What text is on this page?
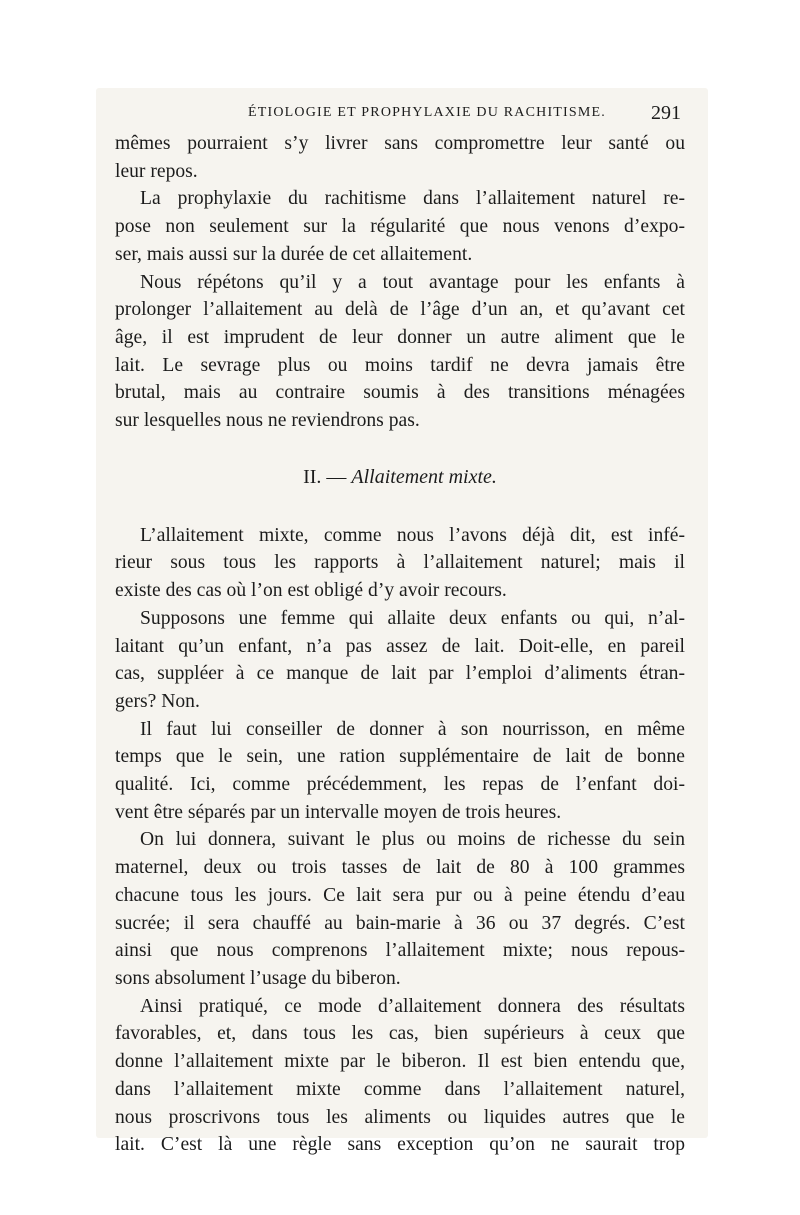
ÉTIOLOGIE ET PROPHYLAXIE DU RACHITISME.	291

mêmes pourraient s’y livrer sans compromettre leur santé ou
leur repos.

La prophylaxie du rachitisme dans l’allaitement naturel re-
pose non seulement sur la régularité que nous venons d’expo-
ser, mais aussi sur la durée de cet allaitement.

Nous répétons qu’il y a tout avantage pour les enfants à
prolonger l’allaitement au delà de l’âge d’un an, et qu’avant cet
âge, il est imprudent de leur donner un autre aliment que le
lait. Le sevrage plus ou moins tardif ne devra jamais être
brutal, mais au contraire soumis à des transitions ménagées
sur lesquelles nous ne reviendrons pas.

II. — Allaitement mixte.

L’allaitement mixte, comme nous l’avons déjà dit, est infé-
rieur sous tous les rapports à l’allaitement naturel; mais il
existe des cas où l’on est obligé d’y avoir recours.

Supposons une femme qui allaite deux enfants ou qui, n’al-
laitant qu’un enfant, n’a pas assez de lait. Doit-elle, en pareil
cas, suppléer à ce manque de lait par l’emploi d’aliments étran-
gers? Non.

Il faut lui conseiller de donner à son nourrisson, en même
temps que le sein, une ration supplémentaire de lait de bonne
qualité. Ici, comme précédemment, les repas de l’enfant doi-
vent être séparés par un intervalle moyen de trois heures.

On lui donnera, suivant le plus ou moins de richesse du sein
maternel, deux ou trois tasses de lait de 80 à 100 grammes
chacune tous les jours. Ce lait sera pur ou à peine étendu d’eau
sucrée; il sera chauffé au bain-marie à 36 ou 37 degrés. C’est
ainsi que nous comprenons l’allaitement mixte; nous repous-
sons absolument l’usage du biberon.

Ainsi pratiqué, ce mode d’allaitement donnera des résultats
favorables, et, dans tous les cas, bien supérieurs à ceux que
donne l’allaitement mixte par le biberon. Il est bien entendu que,
dans l’allaitement mixte comme dans l’allaitement naturel,
nous proscrivons tous les aliments ou liquides autres que le
lait. C’est là une règle sans exception qu’on ne saurait trop
